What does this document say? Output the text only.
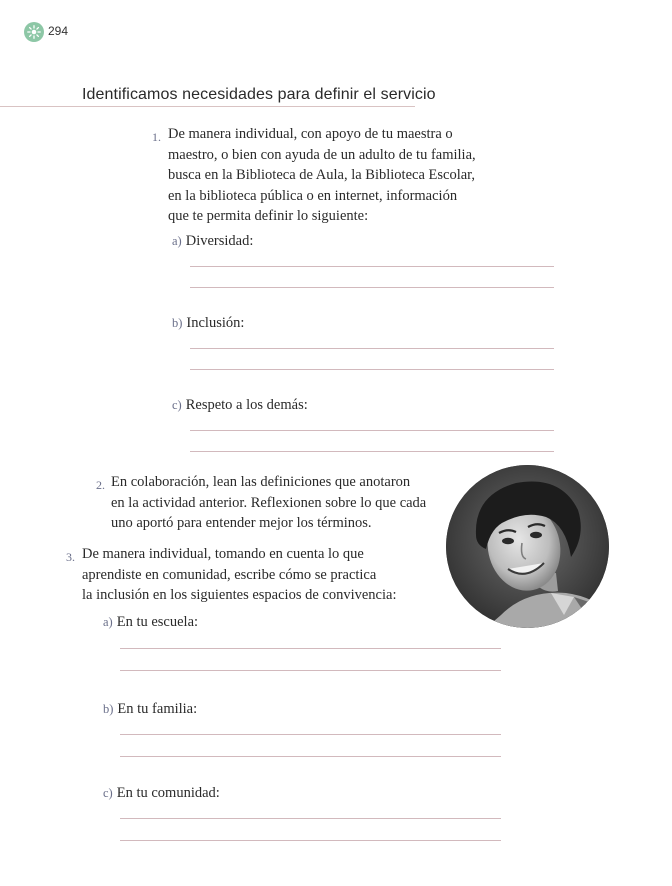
294
Identificamos necesidades para definir el servicio
1. De manera individual, con apoyo de tu maestra o
maestro, o bien con ayuda de un adulto de tu familia,
busca en la Biblioteca de Aula, la Biblioteca Escolar,
en la biblioteca pública o en internet, información
que te permita definir lo siguiente:
a) Diversidad:
b) Inclusión:
c) Respeto a los demás:
2. En colaboración, lean las definiciones que anotaron
en la actividad anterior. Reflexionen sobre lo que cada
uno aportó para entender mejor los términos.
3. De manera individual, tomando en cuenta lo que
aprendiste en comunidad, escribe cómo se practica
la inclusión en los siguientes espacios de convivencia:
a) En tu escuela:
b) En tu familia:
c) En tu comunidad:
